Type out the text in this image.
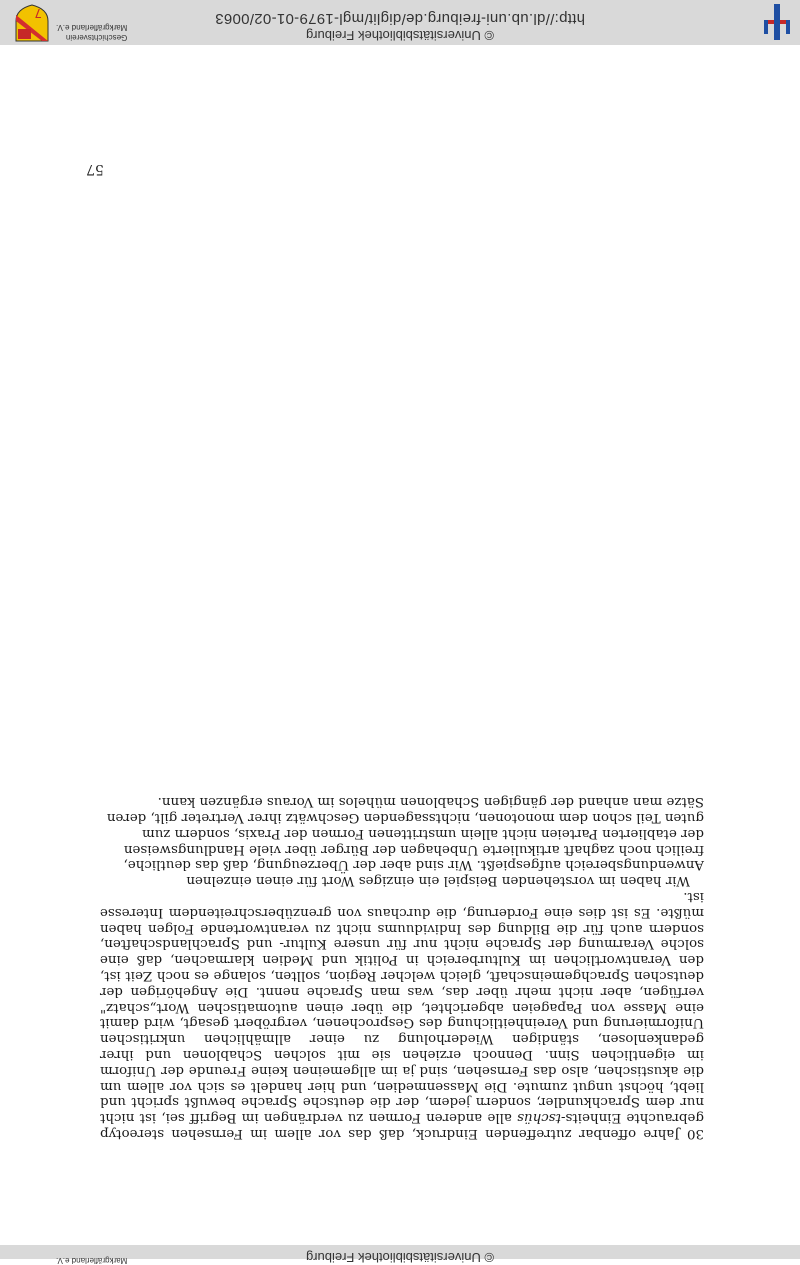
© Universitätsbibliothek Freiburg
Markgräflerland e.V.
57

30 Jahre offenbar zutreffenden Eindruck, daß das vor allem im Fernsehen stereotyp gebrauchte Einheits-tschüs alle anderen Formen zu verdrängen im Begriff sei, ist nicht nur dem Sprachkundler, sondern jedem, der die deutsche Sprache bewußt spricht und liebt, höchst ungut zumute. Die Massenmedien, und hier handelt es sich vor allem um die akustischen, also das Fernsehen, sind ja im allgemeinen keine Freunde der Uniform im eigentlichen Sinn. Dennoch erziehen sie mit solchen Schablonen und ihrer gedankenlosen, ständigen Wiederholung zu einer allmählichen unkritischen Uniformierung und Vereinheitlichung des Gesprochenen, vergröbert gesagt, wird damit eine Masse von Papageien abgerichtet, die über einen automatischen Wort„schatz" verfügen, aber nicht mehr über das, was man Sprache nennt. Die Angehörigen der deutschen Sprachgemeinschaft, gleich welcher Region, sollten, solange es noch Zeit ist, den Verantwortlichen im Kulturbereich in Politik und Medien klarmachen, daß eine solche Verarmung der Sprache nicht nur für unsere Kultur- und Sprachlandschaften, sondern auch für die Bildung des Individuums nicht zu verantwortende Folgen haben müßte. Es ist dies eine Forderung, die durchaus von grenzüberschreitendem Interesse ist.

Wir haben im vorstehenden Beispiel ein einziges Wort für einen einzelnen Anwendungsbereich aufgespießt. Wir sind aber der Überzeugung, daß das deutliche, freilich noch zaghaft artikulierte Unbehagen der Bürger über viele Handlungsweisen der etablierten Parteien nicht allein umstrittenen Formen der Praxis, sondern zum guten Teil schon dem monotonen, nichtssagenden Geschwätz ihrer Vertreter gilt, deren Sätze man anhand der gängigen Schablonen mühelos im Voraus ergänzen kann.

© Universitätsbibliothek Freiburg
http://dl.ub.uni-freiburg.de/diglit/mgl-1979-01-02/0063
Geschichtsverein
Markgräflerland e.V.
7
